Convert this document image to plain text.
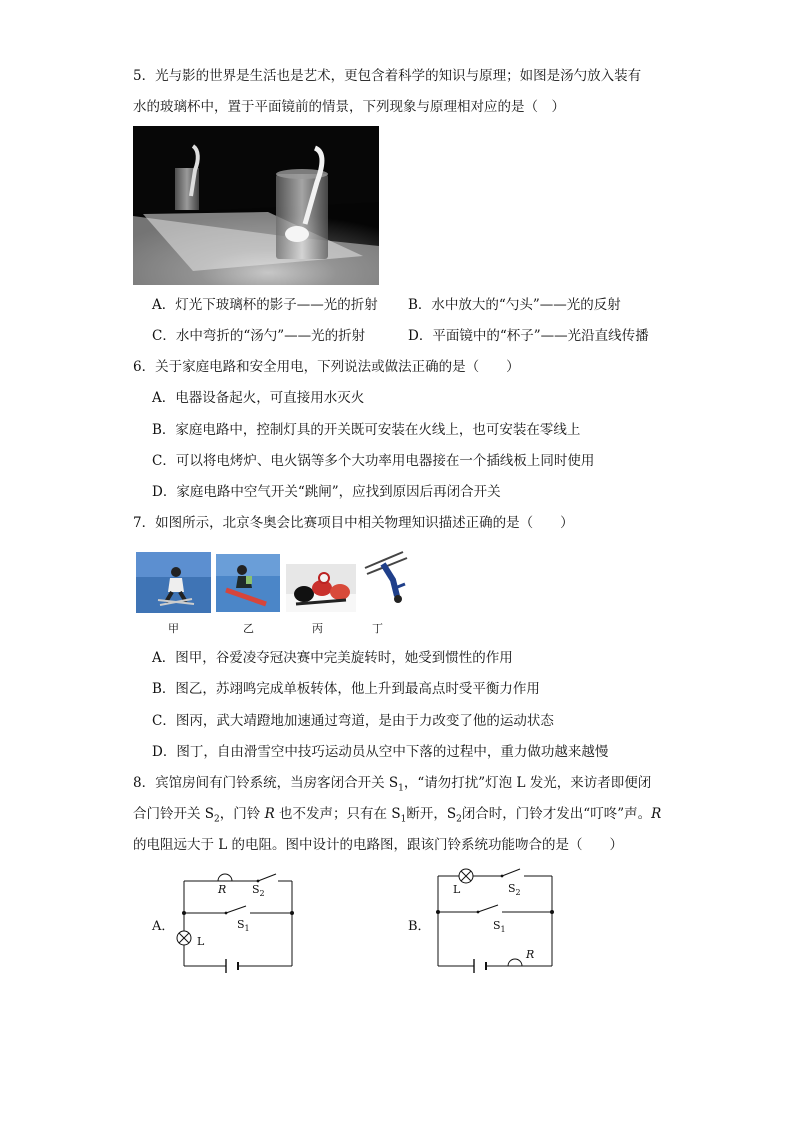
5．光与影的世界是生活也是艺术，更包含着科学的知识与原理；如图是汤勺放入装有
水的玻璃杯中，置于平面镜前的情景，下列现象与原理相对应的是（　）
A．灯光下玻璃杯的影子——光的折射 B．水中放大的“勺头”——光的反射
C．水中弯折的“汤勺”——光的折射	D．平面镜中的“杯子”——光沿直线传播
6．关于家庭电路和安全用电，下列说法或做法正确的是（　　）
A．电器设备起火，可直接用水灭火
B．家庭电路中，控制灯具的开关既可安装在火线上，也可安装在零线上
C．可以将电烤炉、电火锅等多个大功率用电器接在一个插线板上同时使用
D．家庭电路中空气开关“跳闸”，应找到原因后再闭合开关
7．如图所示，北京冬奥会比赛项目中相关物理知识描述正确的是（　　）
甲	乙	丙	丁
A．图甲，谷爱凌夺冠决赛中完美旋转时，她受到惯性的作用
B．图乙，苏翊鸣完成单板转体，他上升到最高点时受平衡力作用
C．图丙，武大靖蹬地加速通过弯道，是由于力改变了他的运动状态
D．图丁，自由滑雪空中技巧运动员从空中下落的过程中，重力做功越来越慢
8．宾馆房间有门铃系统，当房客闭合开关 $S_1$，“请勿打扰”灯泡 L 发光，来访者即便闭
合门铃开关 $S_2$，门铃 R 也不发声；只有在 $S_1$断开，$S_2$闭合时，门铃才发出“叮咚”声。R
的电阻远大于 L 的电阻。图中设计的电路图，跟该门铃系统功能吻合的是（　　）
A．
R $S_2$
$S_1$
L
B．
L	$S_2$
$S_1$
R
